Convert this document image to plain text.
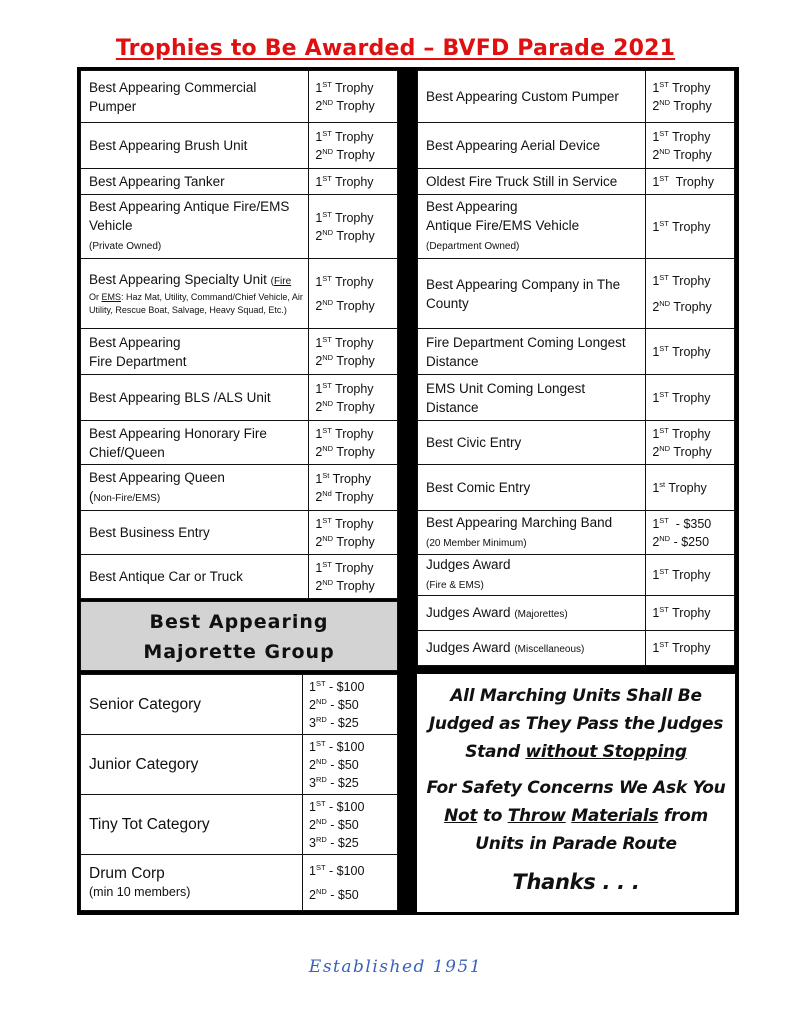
Trophies to Be Awarded – BVFD Parade 2021
Best Appearing Commercial
Pumper	1ST Trophy
2ND Trophy
Best Appearing Brush Unit	1ST Trophy
2ND Trophy
Best Appearing Tanker	1ST Trophy
Best Appearing Antique Fire/EMS
Vehicle
(Private Owned)	1ST Trophy
2ND Trophy
Best Appearing Specialty Unit (Fire
Or EMS: Haz Mat, Utility, Command/Chief Vehicle, Air Utility, Rescue Boat, Salvage, Heavy Squad, Etc.)	1ST Trophy
2ND Trophy
Best Appearing
Fire Department	1ST Trophy
2ND Trophy
Best Appearing BLS /ALS Unit	1ST Trophy
2ND Trophy
Best Appearing Honorary Fire
Chief/Queen	1ST Trophy
2ND Trophy
Best Appearing Queen
(Non-Fire/EMS)	1St Trophy
2Nd Trophy
Best Business Entry	1ST Trophy
2ND Trophy
Best Antique Car or Truck	1ST Trophy
2ND Trophy
Best Appearing Custom Pumper	1ST Trophy
2ND Trophy
Best Appearing Aerial Device	1ST Trophy
2ND Trophy
Oldest Fire Truck Still in Service	1ST  Trophy
Best Appearing
Antique Fire/EMS Vehicle
(Department Owned)	1ST Trophy
Best Appearing Company in The
County	1ST Trophy
2ND Trophy
Fire Department Coming Longest
Distance	1ST Trophy
EMS Unit Coming Longest
Distance	1ST Trophy
Best Civic Entry	1ST Trophy
2ND Trophy
Best Comic Entry	1st Trophy
Best Appearing Marching Band
(20 Member Minimum)	1ST  - $350
2ND - $250
Judges Award
(Fire & EMS)	1ST Trophy
Judges Award (Majorettes)	1ST Trophy
Judges Award (Miscellaneous)	1ST Trophy
Best Appearing
Majorette Group
Senior Category	1ST - $100
2ND - $50
3RD - $25
Junior Category	1ST - $100
2ND - $50
3RD - $25
Tiny Tot Category	1ST - $100
2ND - $50
3RD - $25
Drum Corp
(min 10 members)	1ST - $100
2ND - $50
All Marching Units Shall Be
Judged as They Pass the Judges
Stand without Stopping
For Safety Concerns We Ask You
Not to Throw Materials from
Units in Parade Route
Thanks . . .
Established 1951
